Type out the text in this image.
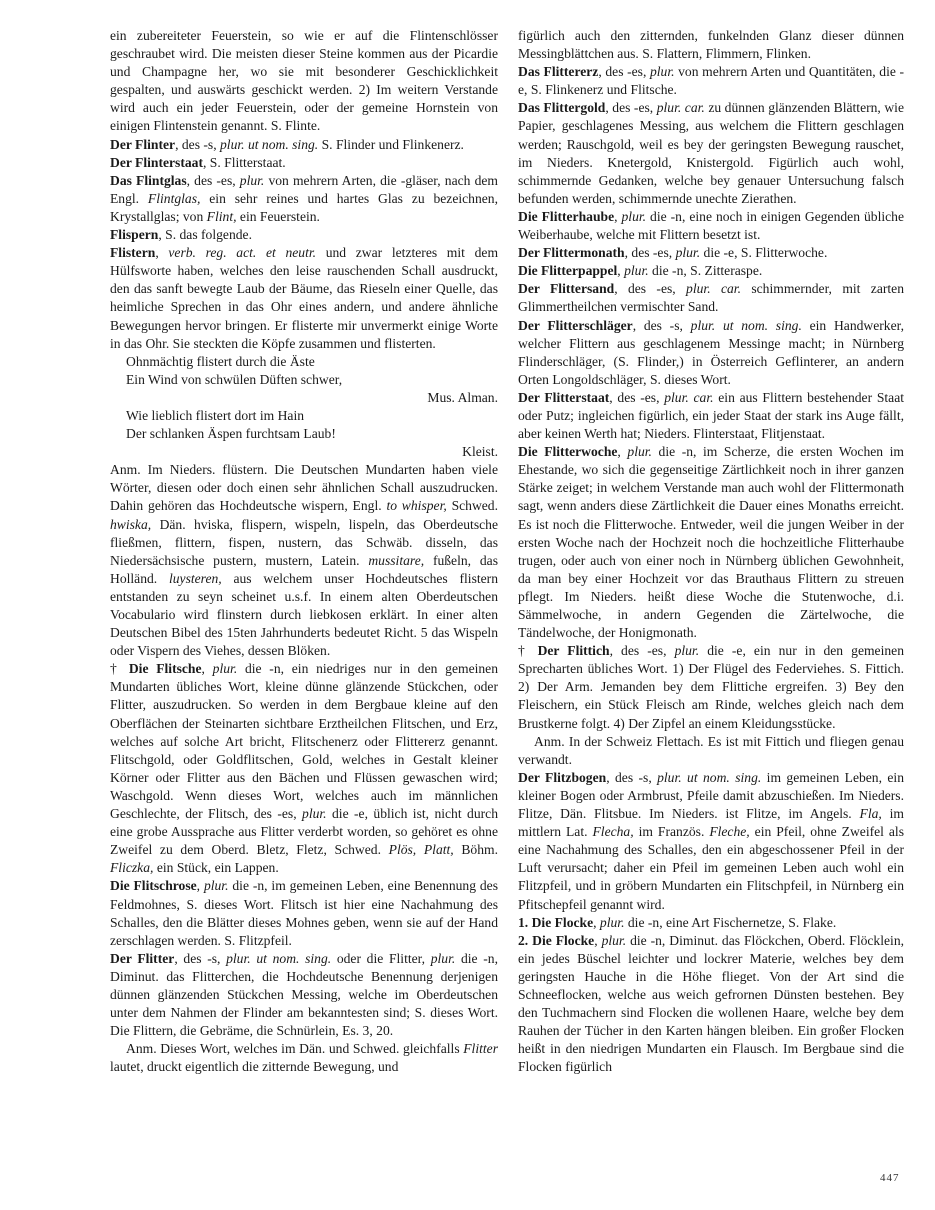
ein zubereiteter Feuerstein, so wie er auf die Flintenschlösser geschraubet wird. Die meisten dieser Steine kommen aus der Picardie und Champagne her, wo sie mit besonderer Geschicklichkeit gespalten, und auswärts geschickt werden. 2) Im weitern Verstande wird auch ein jeder Feuerstein, oder der gemeine Hornstein von einigen Flintenstein genannt. S. Flinte.

Der Flinter, des -s, plur. ut nom. sing. S. Flinder und Flinkenerz.

Der Flinterstaat, S. Flitterstaat.

Das Flintglas, des -es, plur. von mehrern Arten, die -gläser, nach dem Engl. Flintglas, ein sehr reines und hartes Glas zu bezeichnen, Krystallglas; von Flint, ein Feuerstein.

Flispern, S. das folgende.

Flistern, verb. reg. act. et neutr. und zwar letzteres mit dem Hülfsworte haben, welches den leise rauschenden Schall ausdruckt, den das sanft bewegte Laub der Bäume, das Rieseln einer Quelle, das heimliche Sprechen in das Ohr eines andern, und andere ähnliche Bewegungen hervor bringen. Er flisterte mir unvermerkt einige Worte in das Ohr. Sie steckten die Köpfe zusammen und flisterten.

Ohnmächtig flistert durch die Äste

Ein Wind von schwülen Düften schwer,

Mus. Alman.

Wie lieblich flistert dort im Hain

Der schlanken Äspen furchtsam Laub!

Kleist.

Anm. Im Nieders. flüstern. Die Deutschen Mundarten haben viele Wörter, diesen oder doch einen sehr ähnlichen Schall auszudrucken. Dahin gehören das Hochdeutsche wispern, Engl. to whisper, Schwed. hwiska, Dän. hviska, flispern, wispeln, lispeln, das Oberdeutsche fließmen, flittern, fispen, nustern, das Schwäb. disseln, das Niedersächsische pustern, mustern, Latein. mussitare, fußeln, das Holländ. luysteren, aus welchem unser Hochdeutsches flistern entstanden zu seyn scheinet u.s.f. In einem alten Oberdeutschen Vocabulario wird flinstern durch liebkosen erklärt. In einer alten Deutschen Bibel des 15ten Jahrhunderts bedeutet Richt. 5 das Wispeln oder Vispern des Viehes, dessen Blöken.

† Die Flitsche, plur. die -n, ein niedriges nur in den gemeinen Mundarten übliches Wort, kleine dünne glänzende Stückchen, oder Flitter, auszudrucken. So werden in dem Bergbaue kleine auf den Oberflächen der Steinarten sichtbare Erztheilchen Flitschen, und Erz, welches auf solche Art bricht, Flitschenerz oder Flittererz genannt. Flitschgold, oder Goldflitschen, Gold, welches in Gestalt kleiner Körner oder Flitter aus den Bächen und Flüssen gewaschen wird; Waschgold. Wenn dieses Wort, welches auch im männlichen Geschlechte, der Flitsch, des -es, plur. die -e, üblich ist, nicht durch eine grobe Aussprache aus Flitter verderbt worden, so gehöret es ohne Zweifel zu dem Oberd. Bletz, Fletz, Schwed. Plös, Platt, Böhm. Fliczka, ein Stück, ein Lappen.

Die Flitschrose, plur. die -n, im gemeinen Leben, eine Benennung des Feldmohnes, S. dieses Wort. Flitsch ist hier eine Nachahmung des Schalles, den die Blätter dieses Mohnes geben, wenn sie auf der Hand zerschlagen werden. S. Flitzpfeil.

Der Flitter, des -s, plur. ut nom. sing. oder die Flitter, plur. die -n, Diminut. das Flitterchen, die Hochdeutsche Benennung derjenigen dünnen glänzenden Stückchen Messing, welche im Oberdeutschen unter dem Nahmen der Flinder am bekanntesten sind; S. dieses Wort. Die Flittern, die Gebräme, die Schnürlein, Es. 3, 20.

Anm. Dieses Wort, welches im Dän. und Schwed. gleichfalls Flitter lautet, druckt eigentlich die zitternde Bewegung, und

figürlich auch den zitternden, funkelnden Glanz dieser dünnen Messingblättchen aus. S. Flattern, Flimmern, Flinken.

Das Flittererz, des -es, plur. von mehrern Arten und Quantitäten, die -e, S. Flinkenerz und Flitsche.

Das Flittergold, des -es, plur. car. zu dünnen glänzenden Blättern, wie Papier, geschlagenes Messing, aus welchem die Flittern geschlagen werden; Rauschgold, weil es bey der geringsten Bewegung rauschet, im Nieders. Knetergold, Knistergold. Figürlich auch wohl, schimmernde Gedanken, welche bey genauer Untersuchung falsch befunden werden, schimmernde unechte Zierathen.

Die Flitterhaube, plur. die -n, eine noch in einigen Gegenden übliche Weiberhaube, welche mit Flittern besetzt ist.

Der Flittermonath, des -es, plur. die -e, S. Flitterwoche.

Die Flitterpappel, plur. die -n, S. Zitteraspe.

Der Flittersand, des -es, plur. car. schimmernder, mit zarten Glimmertheilchen vermischter Sand.

Der Flitterschläger, des -s, plur. ut nom. sing. ein Handwerker, welcher Flittern aus geschlagenem Messinge macht; in Nürnberg Flinderschläger, (S. Flinder,) in Österreich Geflinterer, an andern Orten Longoldschläger, S. dieses Wort.

Der Flitterstaat, des -es, plur. car. ein aus Flittern bestehender Staat oder Putz; ingleichen figürlich, ein jeder Staat der stark ins Auge fällt, aber keinen Werth hat; Nieders. Flinterstaat, Flitjenstaat.

Die Flitterwoche, plur. die -n, im Scherze, die ersten Wochen im Ehestande, wo sich die gegenseitige Zärtlichkeit noch in ihrer ganzen Stärke zeiget; in welchem Verstande man auch wohl der Flittermonath sagt, wenn anders diese Zärtlichkeit die Dauer eines Monaths erreicht. Es ist noch die Flitterwoche. Entweder, weil die jungen Weiber in der ersten Woche nach der Hochzeit noch die hochzeitliche Flitterhaube trugen, oder auch von einer noch in Nürnberg üblichen Gewohnheit, da man bey einer Hochzeit vor das Brauthaus Flittern zu streuen pflegt. Im Nieders. heißt diese Woche die Stutenwoche, d.i. Sämmelwoche, in andern Gegenden die Zärtelwoche, die Tändelwoche, der Honigmonath.

† Der Flittich, des -es, plur. die -e, ein nur in den gemeinen Sprecharten übliches Wort. 1) Der Flügel des Federviehes. S. Fittich. 2) Der Arm. Jemanden bey dem Flittiche ergreifen. 3) Bey den Fleischern, ein Stück Fleisch am Rinde, welches gleich nach dem Brustkerne folgt. 4) Der Zipfel an einem Kleidungsstücke.

Anm. In der Schweiz Flettach. Es ist mit Fittich und fliegen genau verwandt.

Der Flitzbogen, des -s, plur. ut nom. sing. im gemeinen Leben, ein kleiner Bogen oder Armbrust, Pfeile damit abzuschießen. Im Nieders. Flitze, Dän. Flitsbue. Im Nieders. ist Flitze, im Angels. Fla, im mittlern Lat. Flecha, im Französ. Fleche, ein Pfeil, ohne Zweifel als eine Nachahmung des Schalles, den ein abgeschossener Pfeil in der Luft verursacht; daher ein Pfeil im gemeinen Leben auch wohl ein Flitzpfeil, und in gröbern Mundarten ein Flitschpfeil, in Nürnberg ein Pfitschepfeil genannt wird.

1. Die Flocke, plur. die -n, eine Art Fischernetze, S. Flake.

2. Die Flocke, plur. die -n, Diminut. das Flöckchen, Oberd. Flöcklein, ein jedes Büschel leichter und lockrer Materie, welches bey dem geringsten Hauche in die Höhe flieget. Von der Art sind die Schneeflocken, welche aus weich gefrornen Dünsten bestehen. Bey den Tuchmachern sind Flocken die wollenen Haare, welche bey dem Rauhen der Tücher in den Karten hängen bleiben. Ein großer Flocken heißt in den niedrigen Mundarten ein Flausch. Im Bergbaue sind die Flocken figürlich

447
